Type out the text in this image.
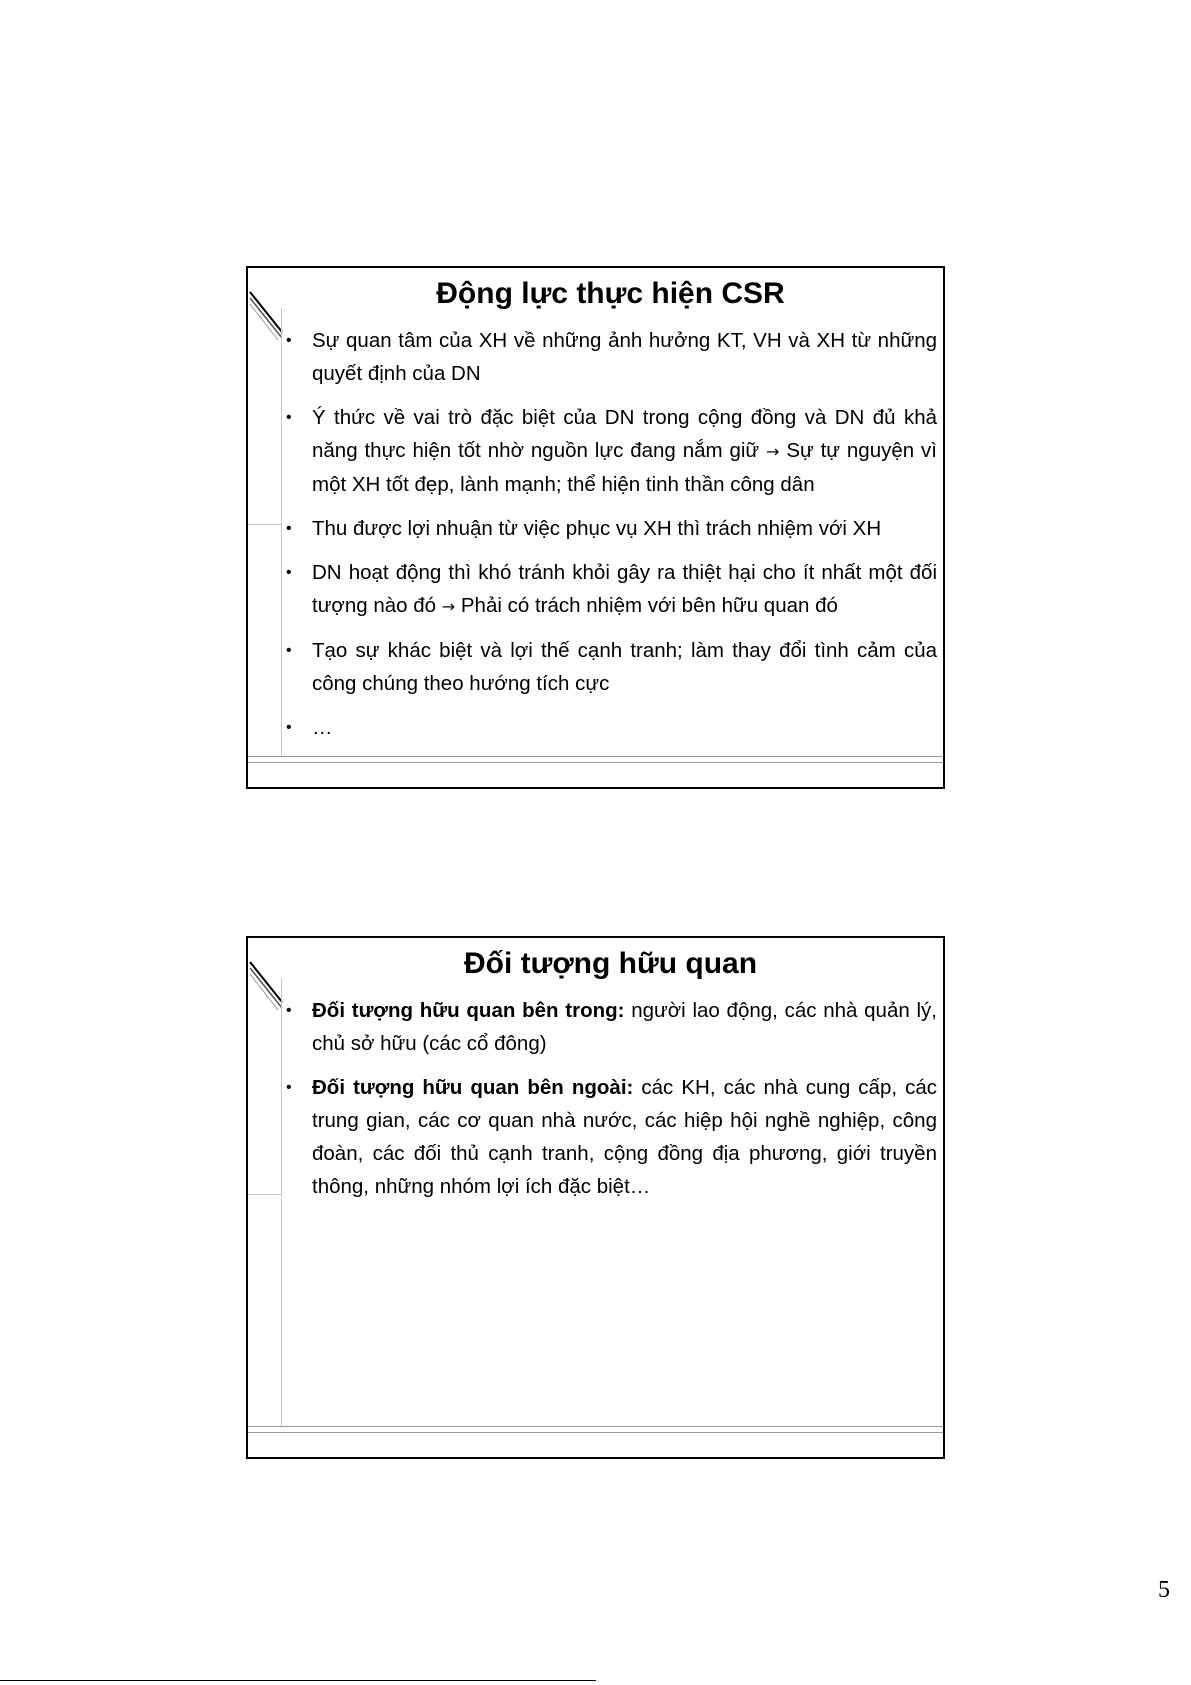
Động lực thực hiện CSR
• Sự quan tâm của XH về những ảnh hưởng KT, VH và XH từ những quyết định của DN
• Ý thức về vai trò đặc biệt của DN trong cộng đồng và DN đủ khả năng thực hiện tốt nhờ nguồn lực đang nắm giữ → Sự tự nguyện vì một XH tốt đẹp, lành mạnh; thể hiện tinh thần công dân
• Thu được lợi nhuận từ việc phục vụ XH thì trách nhiệm với XH
• DN hoạt động thì khó tránh khỏi gây ra thiệt hại cho ít nhất một đối tượng nào đó → Phải có trách nhiệm với bên hữu quan đó
• Tạo sự khác biệt và lợi thế cạnh tranh; làm thay đổi tình cảm của công chúng theo hướng tích cực
• …
Đối tượng hữu quan
• Đối tượng hữu quan bên trong: người lao động, các nhà quản lý, chủ sở hữu (các cổ đông)
• Đối tượng hữu quan bên ngoài: các KH, các nhà cung cấp, các trung gian, các cơ quan nhà nước, các hiệp hội nghề nghiệp, công đoàn, các đối thủ cạnh tranh, cộng đồng địa phương, giới truyền thông, những nhóm lợi ích đặc biệt…
5
